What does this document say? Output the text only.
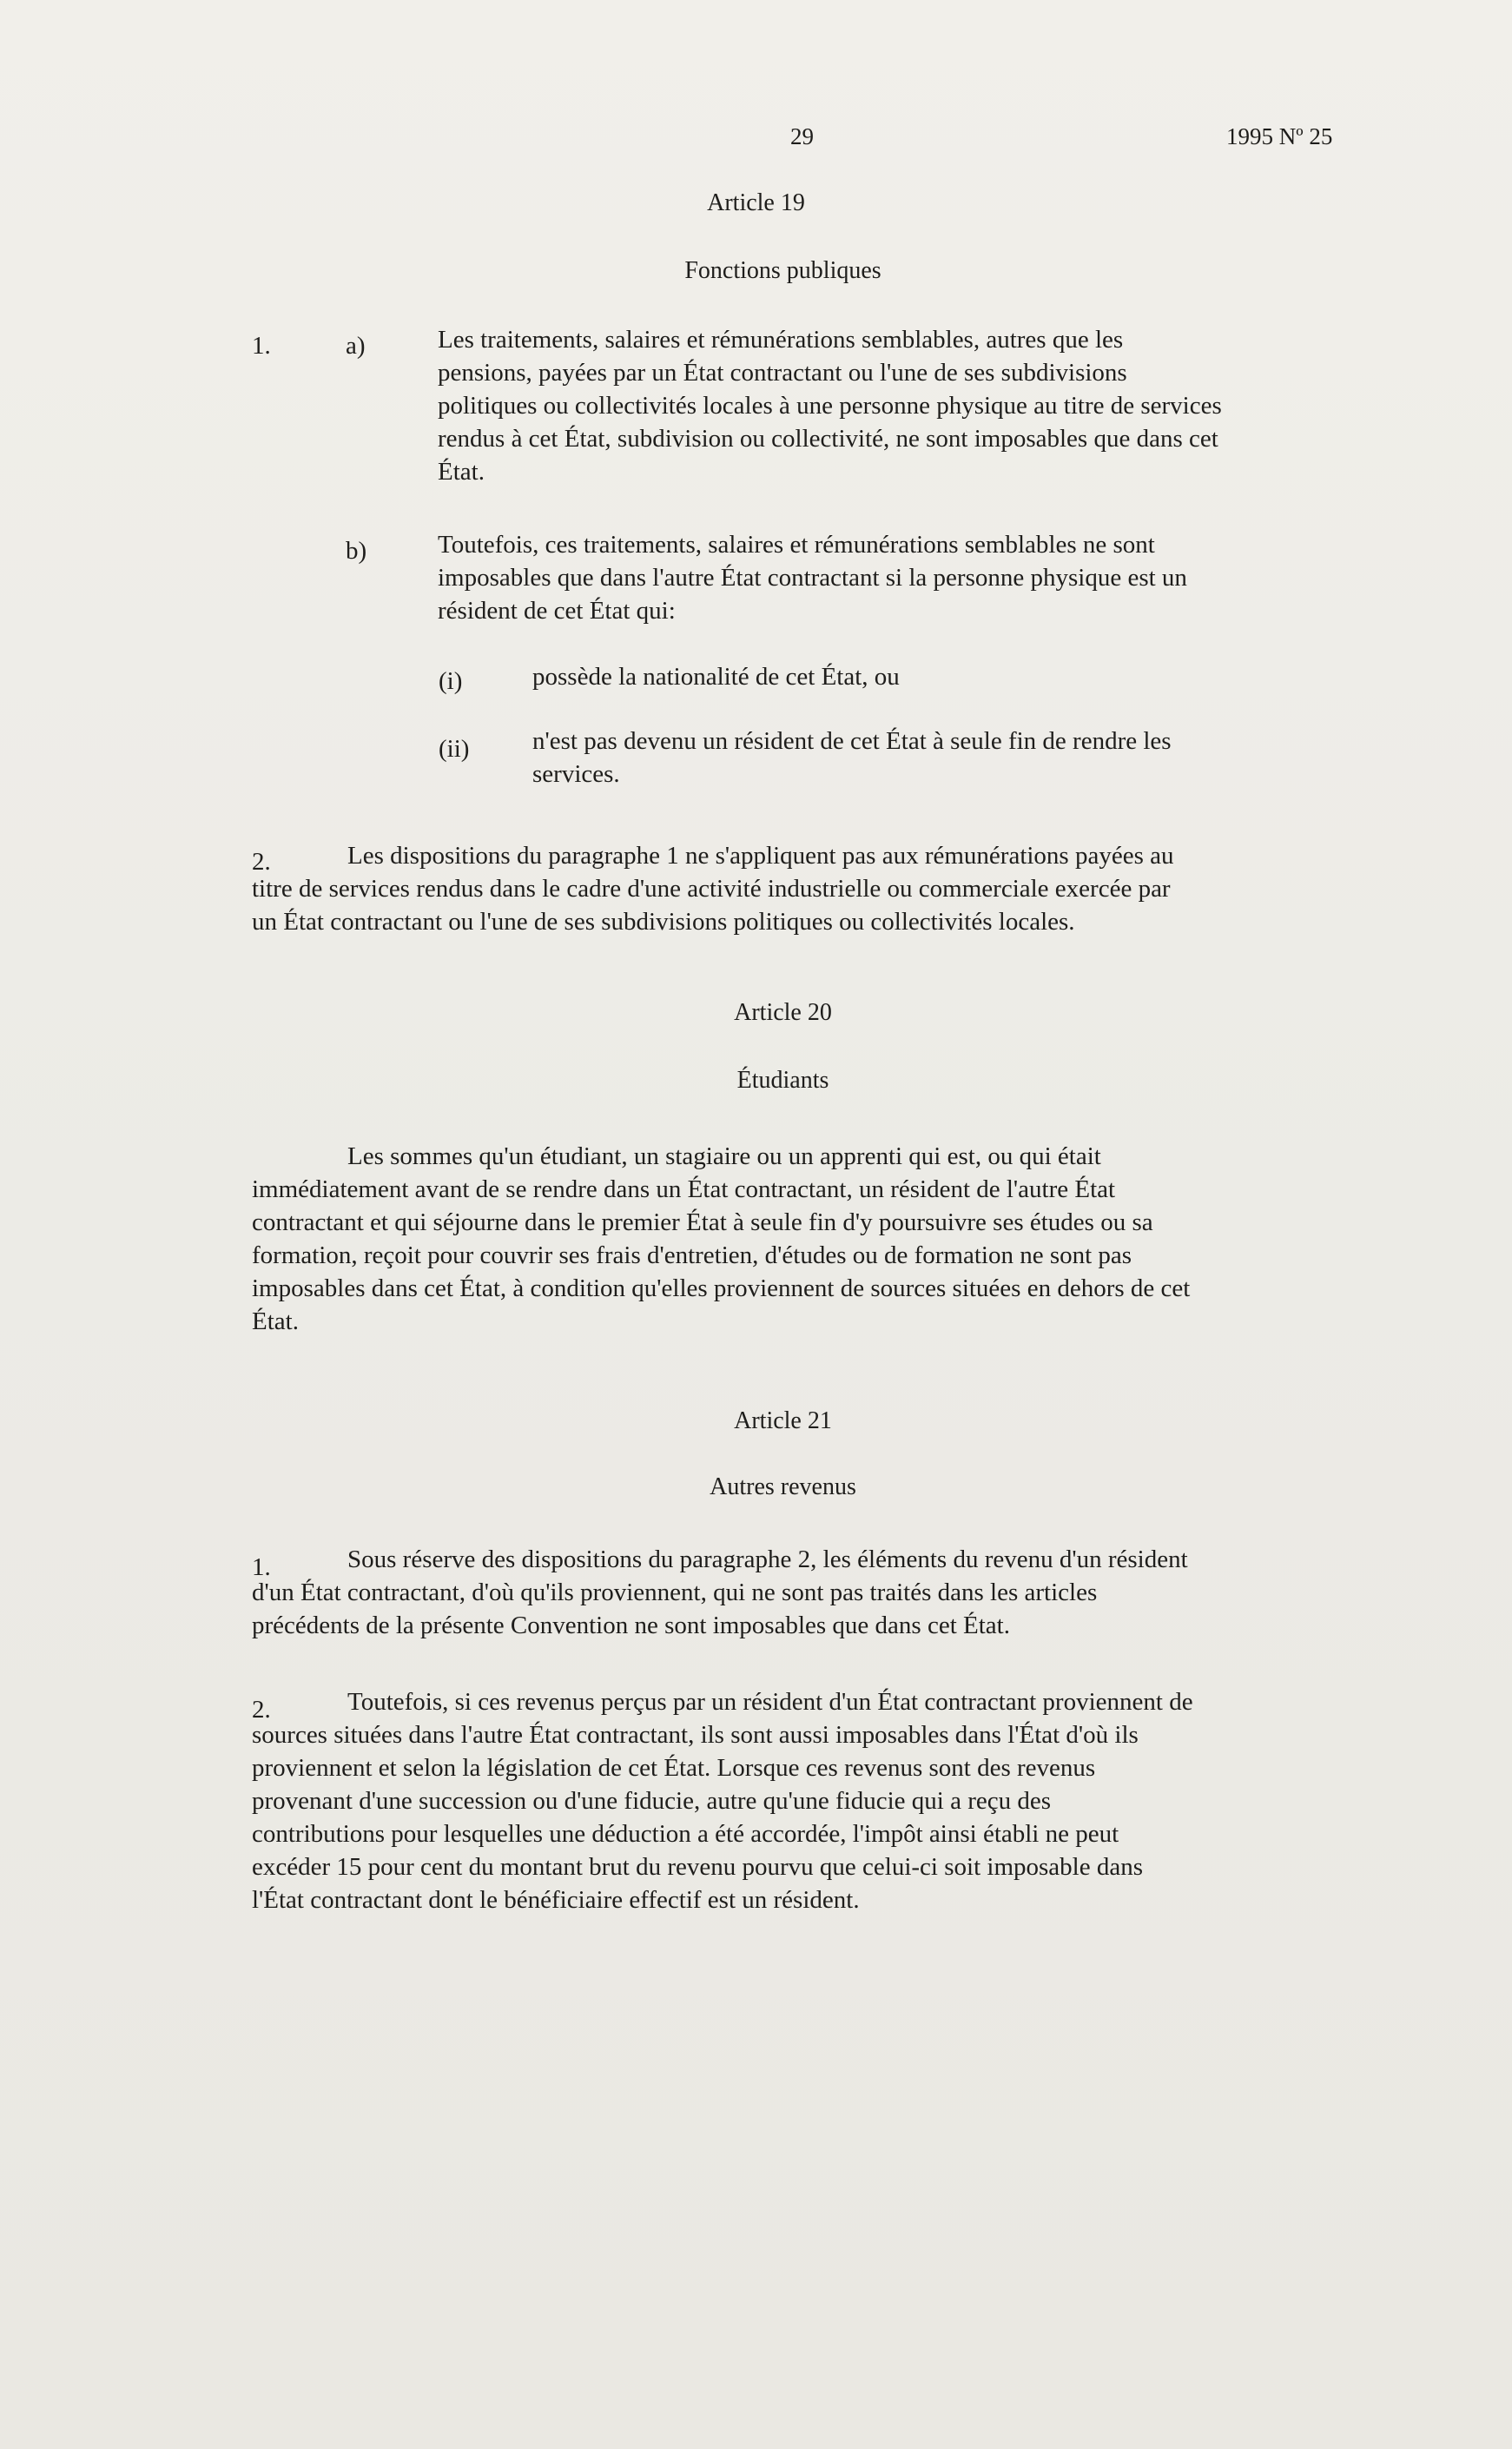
29	1995 Nº 25
Article 19
Fonctions publiques
1.	a)	Les traitements, salaires et rémunérations semblables, autres que les
pensions, payées par un État contractant ou l'une de ses subdivisions
politiques ou collectivités locales à une personne physique au titre de services
rendus à cet État, subdivision ou collectivité, ne sont imposables que dans cet
État.
b)	Toutefois, ces traitements, salaires et rémunérations semblables ne sont
imposables que dans l'autre État contractant si la personne physique est un
résident de cet État qui:
(i)	possède la nationalité de cet État, ou
(ii)	n'est pas devenu un résident de cet État à seule fin de rendre les
services.
2.	Les dispositions du paragraphe 1 ne s'appliquent pas aux rémunérations payées au
titre de services rendus dans le cadre d'une activité industrielle ou commerciale exercée par
un État contractant ou l'une de ses subdivisions politiques ou collectivités locales.
Article 20
Étudiants
Les sommes qu'un étudiant, un stagiaire ou un apprenti qui est, ou qui était
immédiatement avant de se rendre dans un État contractant, un résident de l'autre État
contractant et qui séjourne dans le premier État à seule fin d'y poursuivre ses études ou sa
formation, reçoit pour couvrir ses frais d'entretien, d'études ou de formation ne sont pas
imposables dans cet État, à condition qu'elles proviennent de sources situées en dehors de cet
État.
Article 21
Autres revenus
1.	Sous réserve des dispositions du paragraphe 2, les éléments du revenu d'un résident
d'un État contractant, d'où qu'ils proviennent, qui ne sont pas traités dans les articles
précédents de la présente Convention ne sont imposables que dans cet État.
2.	Toutefois, si ces revenus perçus par un résident d'un État contractant proviennent de
sources situées dans l'autre État contractant, ils sont aussi imposables dans l'État d'où ils
proviennent et selon la législation de cet État. Lorsque ces revenus sont des revenus
provenant d'une succession ou d'une fiducie, autre qu'une fiducie qui a reçu des
contributions pour lesquelles une déduction a été accordée, l'impôt ainsi établi ne peut
excéder 15 pour cent du montant brut du revenu pourvu que celui-ci soit imposable dans
l'État contractant dont le bénéficiaire effectif est un résident.
